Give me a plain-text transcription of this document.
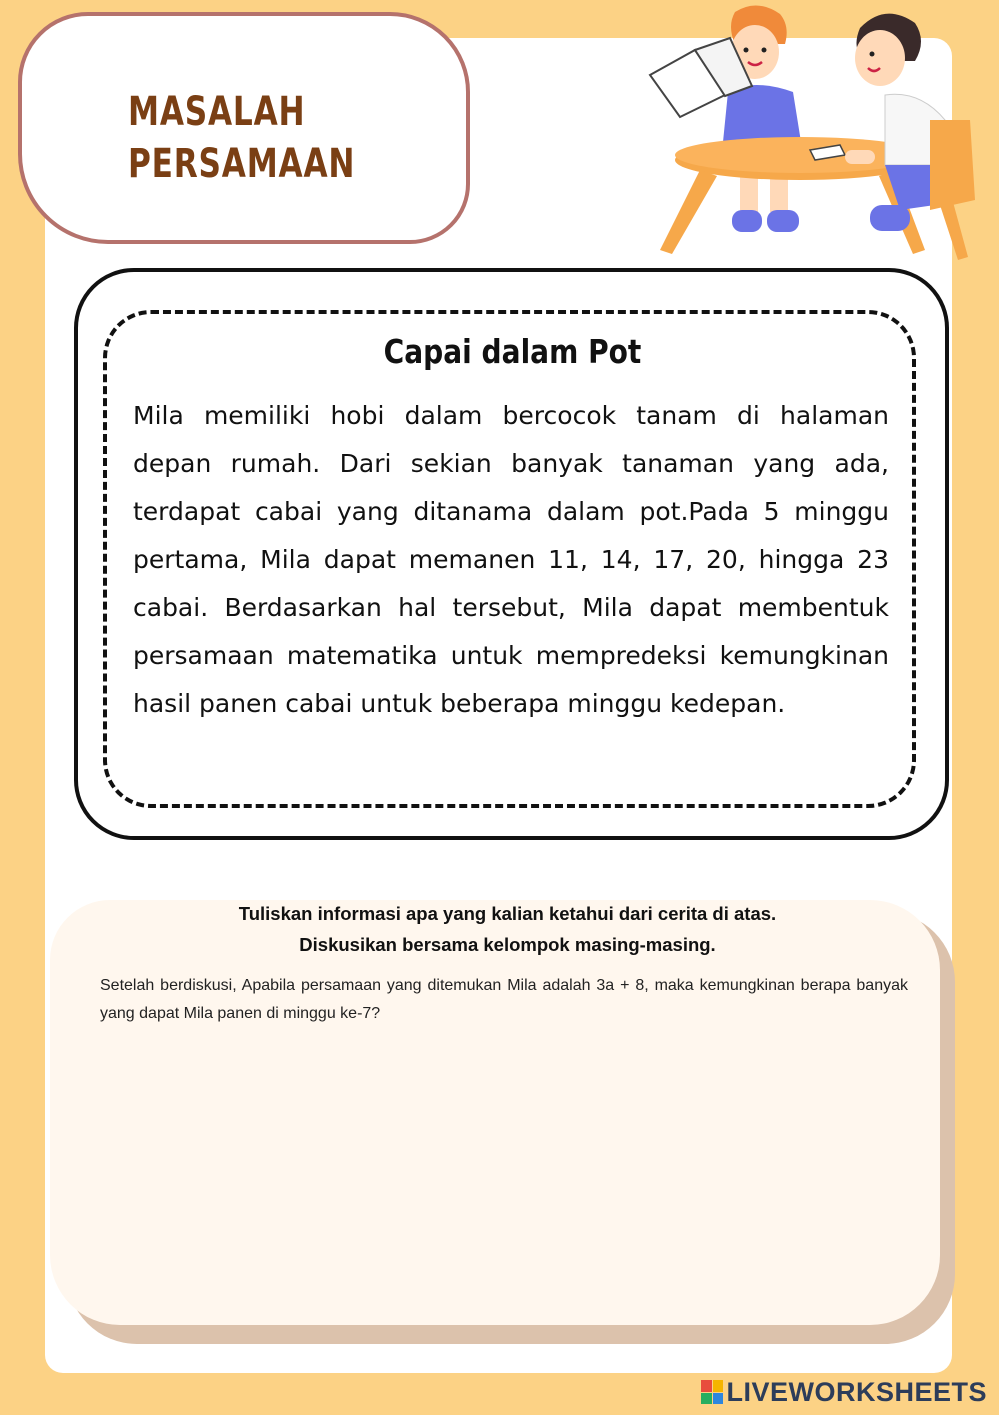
MASALAH
PERSAMAAN
Capai dalam Pot
Mila memiliki hobi dalam bercocok tanam di halaman depan rumah. Dari sekian banyak tanaman yang ada, terdapat cabai yang ditanama dalam pot.Pada 5 minggu pertama, Mila dapat memanen 11, 14, 17, 20, hingga 23 cabai. Berdasarkan hal tersebut, Mila dapat membentuk persamaan matematika untuk mempredeksi kemungkinan hasil panen cabai untuk beberapa minggu kedepan.
Tuliskan informasi apa yang kalian ketahui dari cerita di atas.
Diskusikan bersama kelompok masing-masing.
Setelah berdiskusi, Apabila persamaan yang ditemukan Mila adalah 3a + 8, maka kemungkinan berapa banyak yang dapat Mila panen di minggu ke-7?
LIVEWORKSHEETS
